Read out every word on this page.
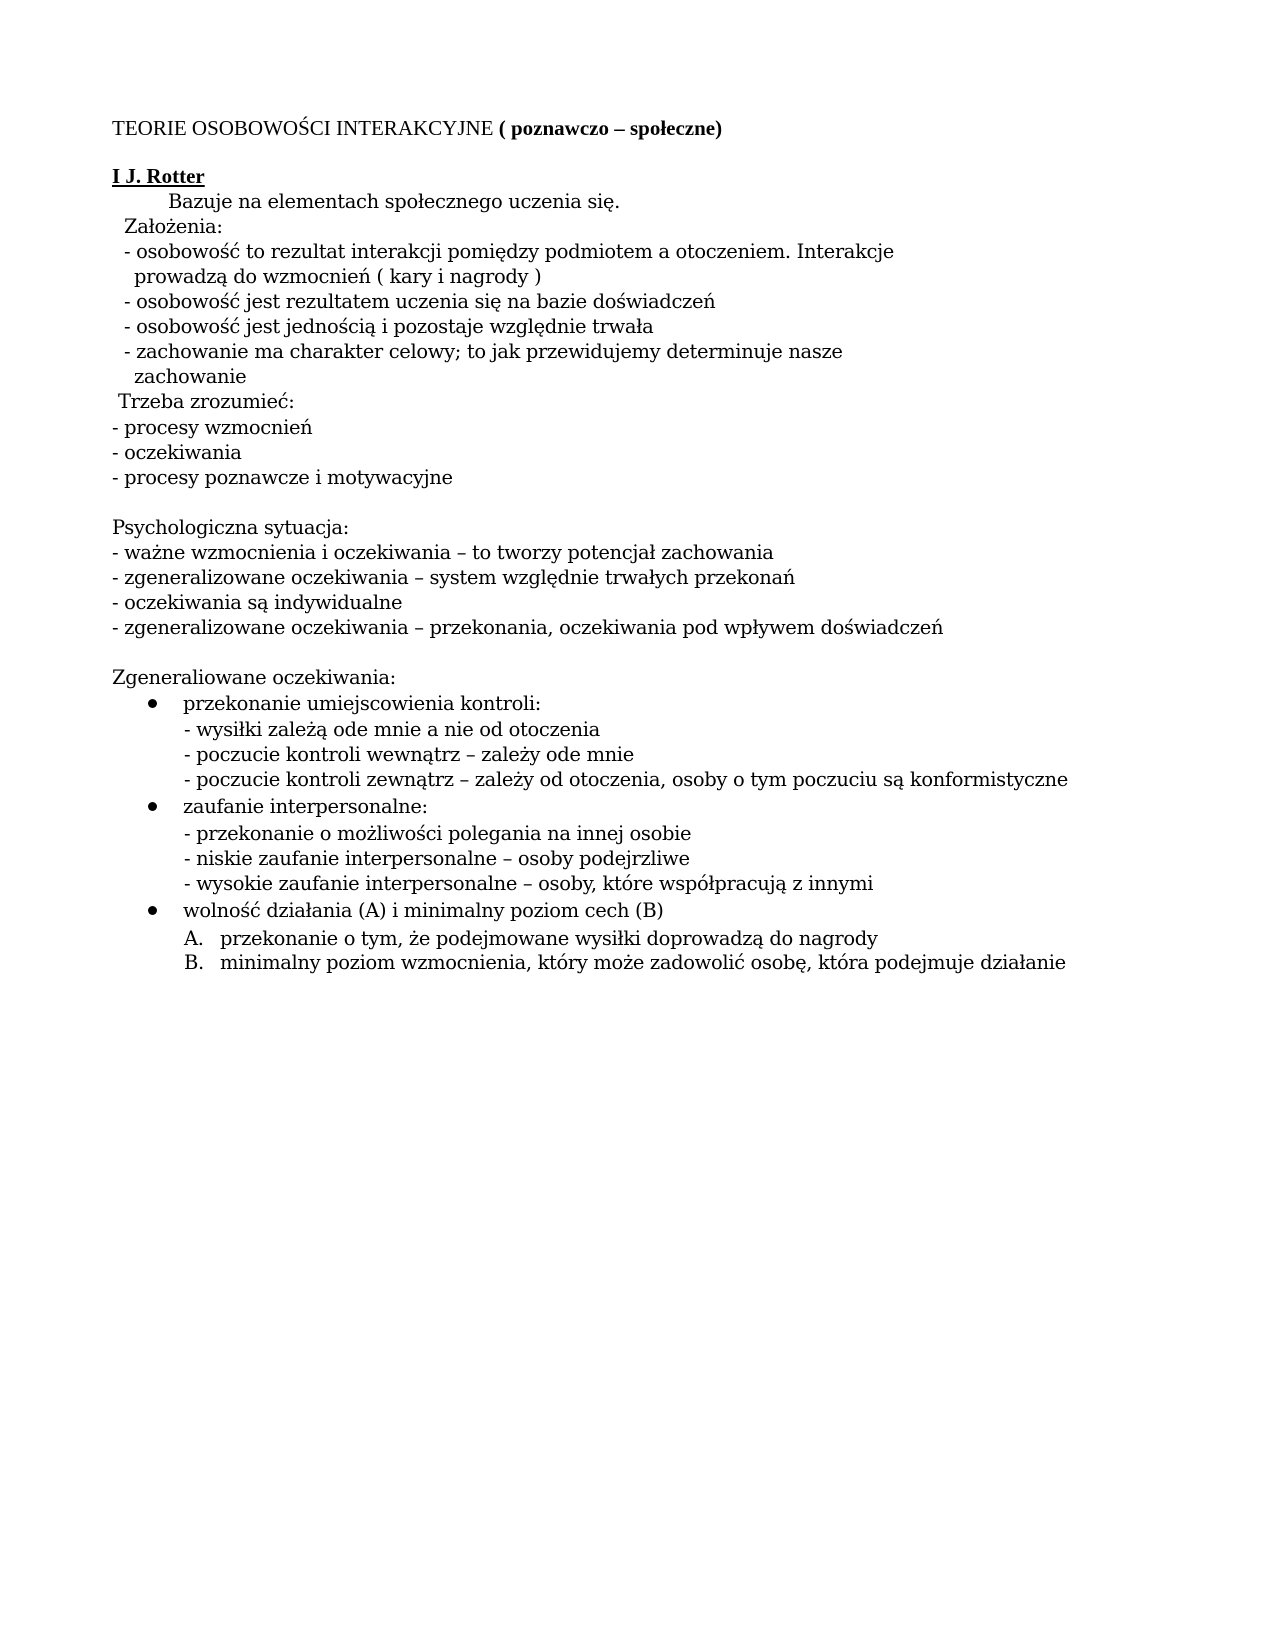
TEORIE OSOBOWOŚCI INTERAKCYJNE ( poznawczo – społeczne)
I J. Rotter
Bazuje na elementach społecznego uczenia się.
Założenia:
- osobowość to rezultat interakcji pomiędzy podmiotem a otoczeniem. Interakcje
prowadzą do wzmocnień ( kary i nagrody )
- osobowość jest rezultatem uczenia się na bazie doświadczeń
- osobowość jest jednością i pozostaje względnie trwała
- zachowanie ma charakter celowy; to jak przewidujemy determinuje nasze
zachowanie
Trzeba zrozumieć:
- procesy wzmocnień
- oczekiwania
- procesy poznawcze i motywacyjne
Psychologiczna sytuacja:
- ważne wzmocnienia i oczekiwania – to tworzy potencjał zachowania
- zgeneralizowane oczekiwania – system względnie trwałych przekonań
- oczekiwania są indywidualne
- zgeneralizowane oczekiwania – przekonania, oczekiwania pod wpływem doświadczeń
Zgeneraliowane oczekiwania:
przekonanie umiejscowienia kontroli:
- wysiłki zależą ode mnie a nie od otoczenia
- poczucie kontroli wewnątrz – zależy ode mnie
- poczucie kontroli zewnątrz – zależy od otoczenia, osoby o tym poczuciu są konformistyczne
zaufanie interpersonalne:
- przekonanie o możliwości polegania na innej osobie
- niskie zaufanie interpersonalne – osoby podejrzliwe
- wysokie zaufanie interpersonalne – osoby, które współpracują z innymi
wolność działania (A) i minimalny poziom cech (B)
A. przekonanie o tym, że podejmowane wysiłki doprowadzą do nagrody
B. minimalny poziom wzmocnienia, który może zadowolić osobę, która podejmuje działanie
